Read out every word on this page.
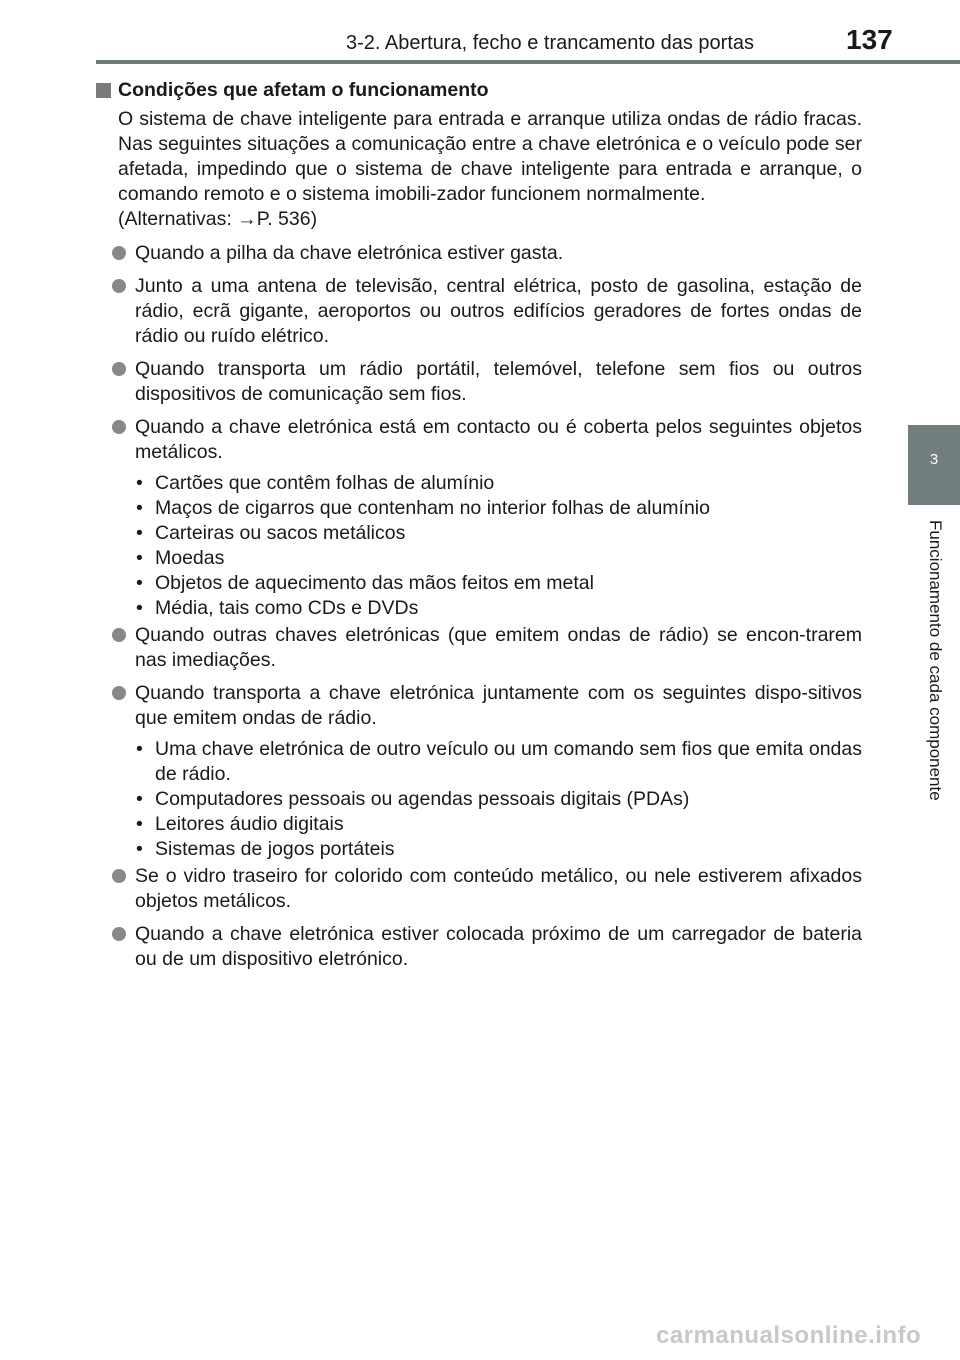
3-2. Abertura, fecho e trancamento das portas	137
3
Funcionamento de cada componente
Condições que afetam o funcionamento

O sistema de chave inteligente para entrada e arranque utiliza ondas de rádio fracas. Nas seguintes situações a comunicação entre a chave eletrónica e o veículo pode ser afetada, impedindo que o sistema de chave inteligente para entrada e arranque, o comando remoto e o sistema imobili-zador funcionem normalmente.

(Alternativas: →P. 536)

Quando a pilha da chave eletrónica estiver gasta.
Junto a uma antena de televisão, central elétrica, posto de gasolina, estação de rádio, ecrã gigante, aeroportos ou outros edifícios geradores de fortes ondas de rádio ou ruído elétrico.
Quando transporta um rádio portátil, telemóvel, telefone sem fios ou outros dispositivos de comunicação sem fios.
Quando a chave eletrónica está em contacto ou é coberta pelos seguintes objetos metálicos.
• Cartões que contêm folhas de alumínio
• Maços de cigarros que contenham no interior folhas de alumínio
• Carteiras ou sacos metálicos
• Moedas
• Objetos de aquecimento das mãos feitos em metal
• Média, tais como CDs e DVDs
Quando outras chaves eletrónicas (que emitem ondas de rádio) se encon-trarem nas imediações.
Quando transporta a chave eletrónica juntamente com os seguintes dispo-sitivos que emitem ondas de rádio.
• Uma chave eletrónica de outro veículo ou um comando sem fios que emita ondas de rádio.
• Computadores pessoais ou agendas pessoais digitais (PDAs)
• Leitores áudio digitais
• Sistemas de jogos portáteis
Se o vidro traseiro for colorido com conteúdo metálico, ou nele estiverem afixados objetos metálicos.
Quando a chave eletrónica estiver colocada próximo de um carregador de bateria ou de um dispositivo eletrónico.
carmanualsonline.info
